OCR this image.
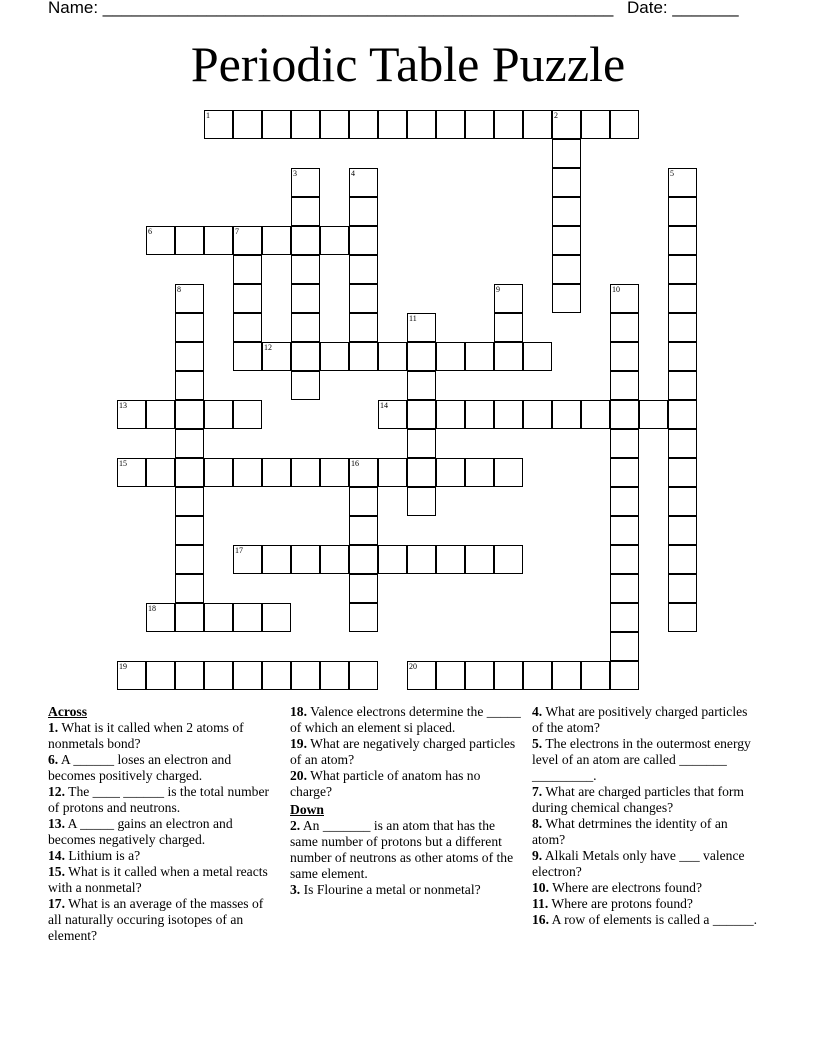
Name: ______________________________________________________ Date: _______
Periodic Table Puzzle
1	2
6	7
12
13	14
15	16
17
18
19	20
3	4	5
8	9	10
11
Across
1. What is it called when 2 atoms of nonmetals bond?
6. A ______ loses an electron and becomes positively charged.
12. The ____ ______ is the total number of protons and neutrons.
13. A _____ gains an electron and becomes negatively charged.
14. Lithium is a?
15. What is it called when a metal reacts with a nonmetal?
17. What is an average of the masses of all naturally occuring isotopes of an element?
18. Valence electrons determine the _____ of which an element si placed.
19. What are negatively charged particles of an atom?
20. What particle of anatom has no charge?
Down
2. An _______ is an atom that has the same number of protons but a different number of neutrons as other atoms of the same element.
3. Is Flourine a metal or nonmetal?
4. What are positively charged particles of the atom?
5. The electrons in the outermost energy level of an atom are called _______ _________.
7. What are charged particles that form during chemical changes?
8. What detrmines the identity of an atom?
9. Alkali Metals only have ___ valence electron?
10. Where are electrons found?
11. Where are protons found?
16. A row of elements is called a ______.
